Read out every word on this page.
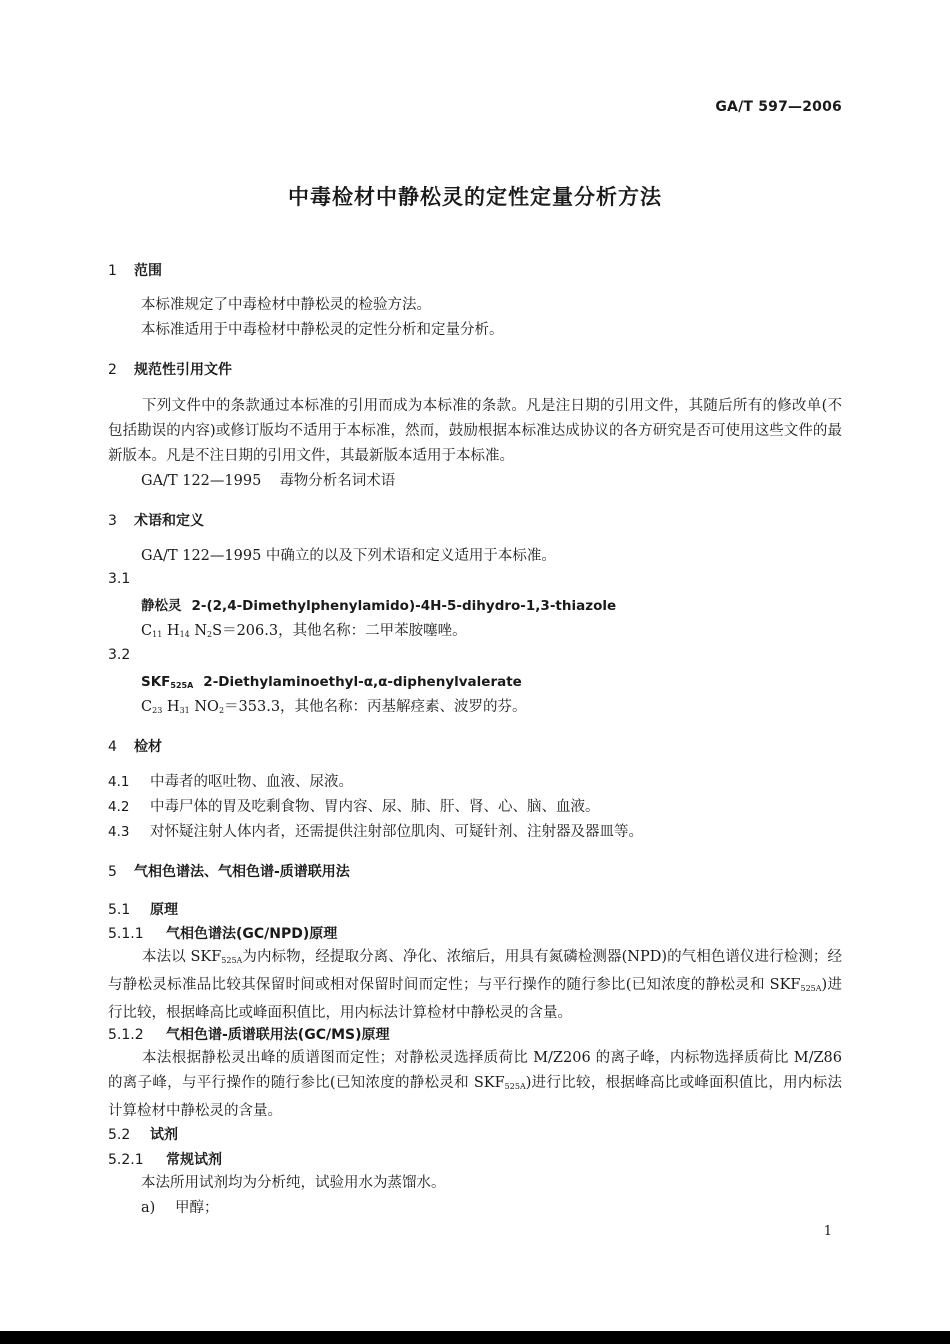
GA/T 597—2006
中毒检材中静松灵的定性定量分析方法
1 范围
本标准规定了中毒检材中静松灵的检验方法。
本标准适用于中毒检材中静松灵的定性分析和定量分析。
2 规范性引用文件
下列文件中的条款通过本标准的引用而成为本标准的条款。凡是注日期的引用文件，其随后所有的修改单(不包括勘误的内容)或修订版均不适用于本标准，然而，鼓励根据本标准达成协议的各方研究是否可使用这些文件的最新版本。凡是不注日期的引用文件，其最新版本适用于本标准。
GA/T 122—1995 毒物分析名词术语
3 术语和定义
GA/T 122—1995 中确立的以及下列术语和定义适用于本标准。
3.1
静松灵 2-(2,4-Dimethylphenylamido)-4H-5-dihydro-1,3-thiazole
$C_{11}$ $H_{14}$ $N_2S=206.3$，其他名称：二甲苯胺噻唑。
3.2
$SKF_{525A}$ 2-Diethylaminoethyl-α,α-diphenylvalerate
$C_{23}$ $H_{31}$ $NO_2=353.3$，其他名称：丙基解痉素、波罗的芬。
4 检材
4.1 中毒者的呕吐物、血液、尿液。
4.2 中毒尸体的胃及吃剩食物、胃内容、尿、肺、肝、肾、心、脑、血液。
4.3 对怀疑注射人体内者，还需提供注射部位肌肉、可疑针剂、注射器及器皿等。
5 气相色谱法、气相色谱-质谱联用法
5.1 原理
5.1.1 气相色谱法(GC/NPD)原理
本法以 $SKF_{525A}$为内标物，经提取分离、净化、浓缩后，用具有氮磷检测器(NPD)的气相色谱仪进行检测；经与静松灵标准品比较其保留时间或相对保留时间而定性；与平行操作的随行参比(已知浓度的静松灵和 $SKF_{525A}$)进行比较，根据峰高比或峰面积值比，用内标法计算检材中静松灵的含量。
5.1.2 气相色谱-质谱联用法(GC/MS)原理
本法根据静松灵出峰的质谱图而定性；对静松灵选择质荷比 M/Z206 的离子峰，内标物选择质荷比 M/Z86 的离子峰，与平行操作的随行参比(已知浓度的静松灵和 $SKF_{525A}$)进行比较，根据峰高比或峰面积值比，用内标法计算检材中静松灵的含量。
5.2 试剂
5.2.1 常规试剂
本法所用试剂均为分析纯，试验用水为蒸馏水。
a) 甲醇；
1
